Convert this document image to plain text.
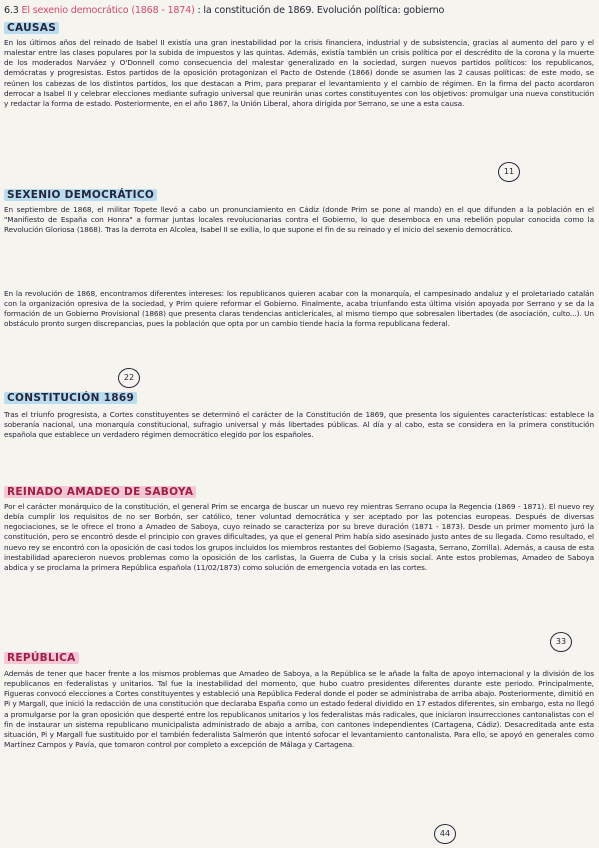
6.3 El sexenio democrático (1868 - 1874) : la constitución de 1869. Evolución política: gobierno
CAUSAS

En los últimos años del reinado de Isabel II existía una gran inestabilidad por la crisis financiera, industrial y de subsistencia, gracias al aumento del paro y el malestar entre las clases populares por la subida de impuestos y las quintas. Además, existía también un crisis política por el descrédito de la corona y la muerte de los moderados Narváez y O'Donnell como consecuencia del malestar generalizado en la sociedad, surgen nuevos partidos políticos: los republicanos, demócratas y progresistas. Estos partidos de la oposición protagonizan el Pacto de Ostende (1866) donde se asumen las 2 causas políticas: de este modo, se reúnen los cabezas de los distintos partidos, los que destacan a Prim, para preparar el levantamiento y el cambio de régimen. En la firma del pacto acordaron derrocar a Isabel II y celebrar elecciones mediante sufragio universal que reunirán unas cortes constituyentes con los objetivos: promulgar una nueva constitución y redactar la forma de estado. Posteriormente, en el año 1867, la Unión Liberal, ahora dirigida por Serrano, se une a esta causa.

11
SEXENIO DEMOCRÁTICO

En septiembre de 1868, el militar Topete llevó a cabo un pronunciamiento en Cádiz (donde Prim se pone al mando) en el que difunden a la población en el "Manifiesto de España con Honra" a formar juntas locales revolucionarias contra el Gobierno, lo que desemboca en una rebelión popular conocida como la Revolución Gloriosa (1868). Tras la derrota en Alcolea, Isabel II se exilia, lo que supone el fin de su reinado y el inicio del sexenio democrático.

En la revolución de 1868, encontramos diferentes intereses: los republicanos quieren acabar con la monarquía, el campesinado andaluz y el proletariado catalán con la organización opresiva de la sociedad, y Prim quiere reformar el Gobierno. Finalmente, acaba triunfando esta última visión apoyada por Serrano y se da la formación de un Gobierno Provisional (1868) que presenta claras tendencias anticlericales, al mismo tiempo que sobresalen libertades (de asociación, culto...). Un obstáculo pronto surgen discrepancias, pues la población que opta por un cambio tiende hacia la forma republicana federal.

22
CONSTITUCIÓN 1869

Tras el triunfo progresista, a Cortes constituyentes se determinó el carácter de la Constitución de 1869, que presenta los siguientes características: establece la soberanía nacional, una monarquía constitucional, sufragio universal y más libertades públicas. Al día y al cabo, esta se considera en la primera constitución española que establece un verdadero régimen democrático elegido por los españoles.

REINADO AMADEO DE SABOYA

Por el carácter monárquico de la constitución, el general Prim se encarga de buscar un nuevo rey mientras Serrano ocupa la Regencia (1869 - 1871). El nuevo rey debía cumplir los requisitos de no ser Borbón, ser católico, tener voluntad democrática y ser aceptado por las potencias europeas. Después de diversas negociaciones, se le ofrece el trono a Amadeo de Saboya, cuyo reinado se caracteriza por su breve duración (1871 - 1873). Desde un primer momento juró la constitución, pero se encontró desde el principio con graves dificultades, ya que el general Prim había sido asesinado justo antes de su llegada. Como resultado, el nuevo rey se encontró con la oposición de casi todos los grupos incluidos los miembros restantes del Gobierno (Sagasta, Serrano, Zorrilla). Además, a causa de esta inestabilidad aparecieron nuevos problemas como la oposición de los carlistas, la Guerra de Cuba y la crisis social. Ante estos problemas, Amadeo de Saboya abdica y se proclama la primera República española (11/02/1873) como solución de emergencia votada en las cortes.

33
REPÚBLICA

Además de tener que hacer frente a los mismos problemas que Amadeo de Saboya, a la República se le añade la falta de apoyo internacional y la división de los republicanos en federalistas y unitarios. Tal fue la inestabilidad del momento, que hubo cuatro presidentes diferentes durante este periodo. Principalmente, Figueras convocó elecciones a Cortes constituyentes y estableció una República Federal donde el poder se administraba de arriba abajo. Posteriormente, dimitió en Pi y Margall, que inició la redacción de una constitución que declaraba España como un estado federal dividido en 17 estados diferentes, sin embargo, esta no llegó a promulgarse por la gran oposición que desperté entre los republicanos unitarios y los federalistas más radicales, que iniciaron insurrecciones cantonalistas con el fin de instaurar un sistema republicano municipalista administrado de abajo a arriba, con cantones independientes (Cartagena, Cádiz). Desacreditada ante esta situación, Pi y Margall fue sustituido por el también federalista Salmerón que intentó sofocar el levantamiento cantonalista. Para ello, se apoyó en generales como Martínez Campos y Pavía, que tomaron control por completo a excepción de Málaga y Cartagena.

44
